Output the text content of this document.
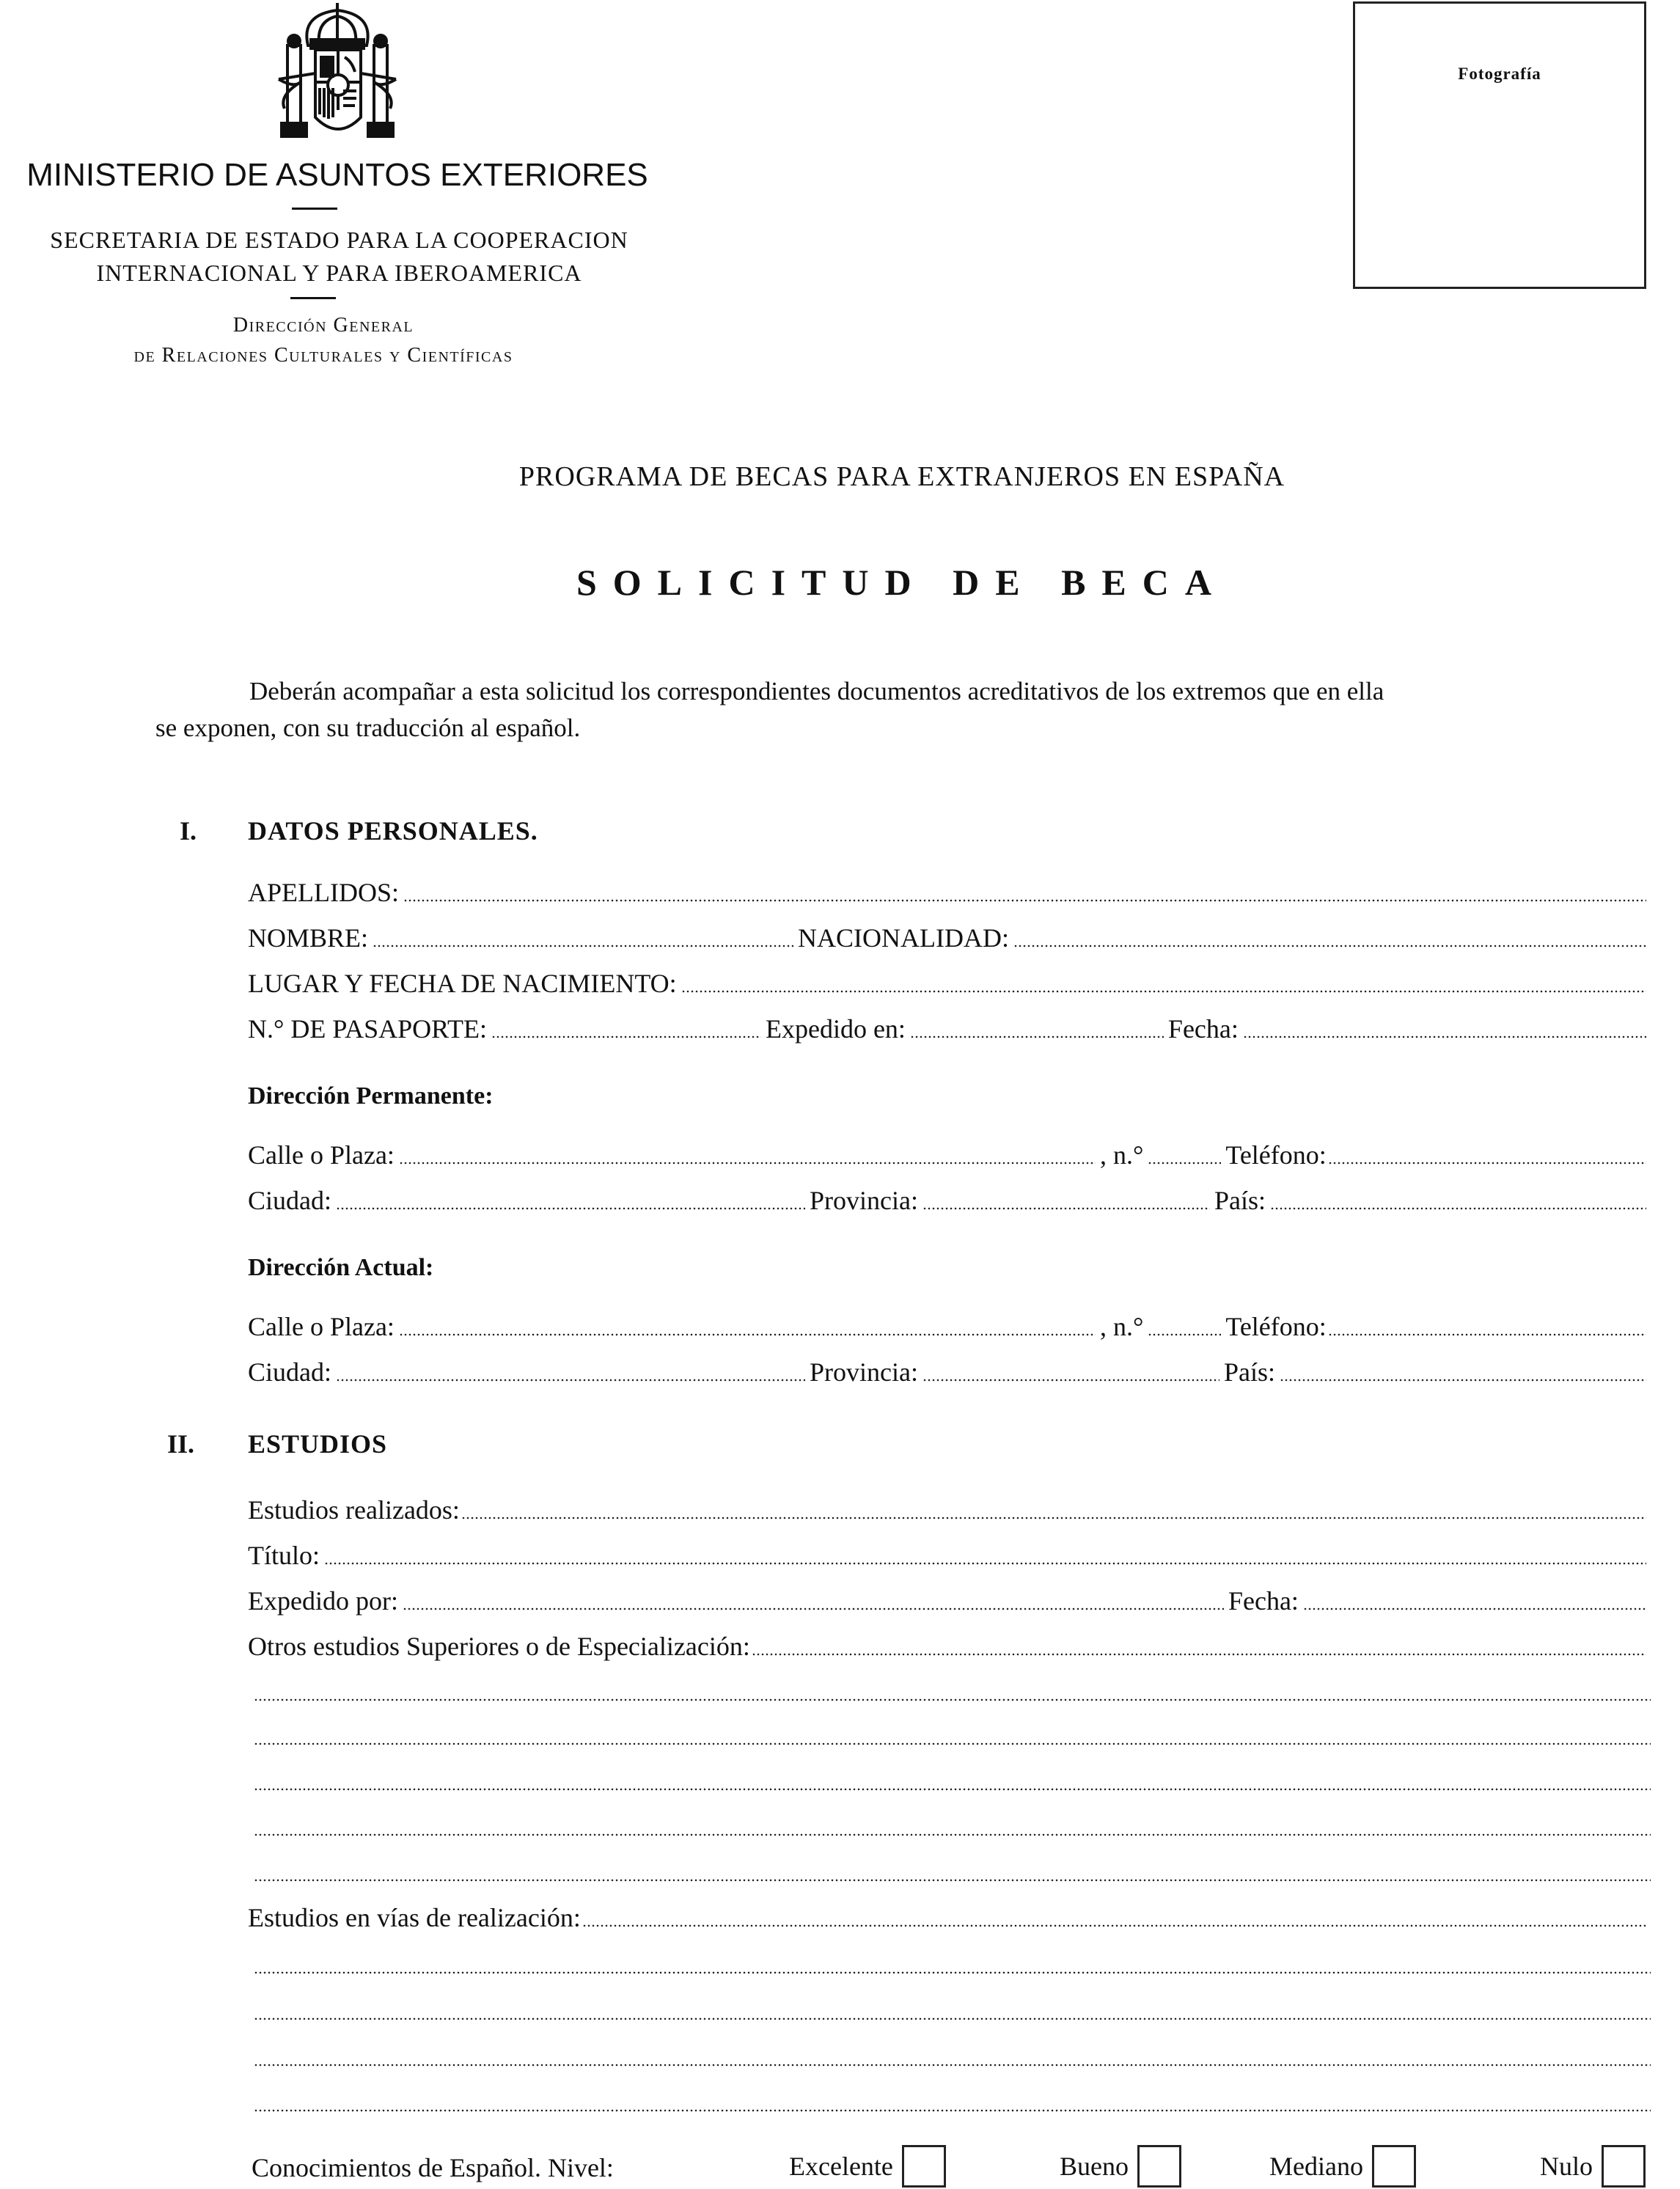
MINISTERIO DE ASUNTOS EXTERIORES
SECRETARIA DE ESTADO PARA LA COOPERACION
INTERNACIONAL Y PARA IBEROAMERICA
Dirección General
de Relaciones Culturales y Científicas
Fotografía
PROGRAMA DE BECAS PARA EXTRANJEROS EN ESPAÑA
SOLICITUD DE BECA
Deberán acompañar a esta solicitud los correspondientes documentos acreditativos de los extremos que en ella
se exponen, con su traducción al español.
I. DATOS PERSONALES.
APELLIDOS:
NOMBRE:	NACIONALIDAD:
LUGAR Y FECHA DE NACIMIENTO:
N.° DE PASAPORTE:	Expedido en:	Fecha:
Dirección Permanente:
Calle o Plaza:	, n.°	Teléfono:
Ciudad:	Provincia:	País:
Dirección Actual:
Calle o Plaza:	, n.°	Teléfono:
Ciudad:	Provincia:	País:
II. ESTUDIOS
Estudios realizados:
Título:
Expedido por:	Fecha:
Otros estudios Superiores o de Especialización:
Estudios en vías de realización:
Conocimientos de Español. Nivel:	Excelente	Bueno	Mediano	Nulo
